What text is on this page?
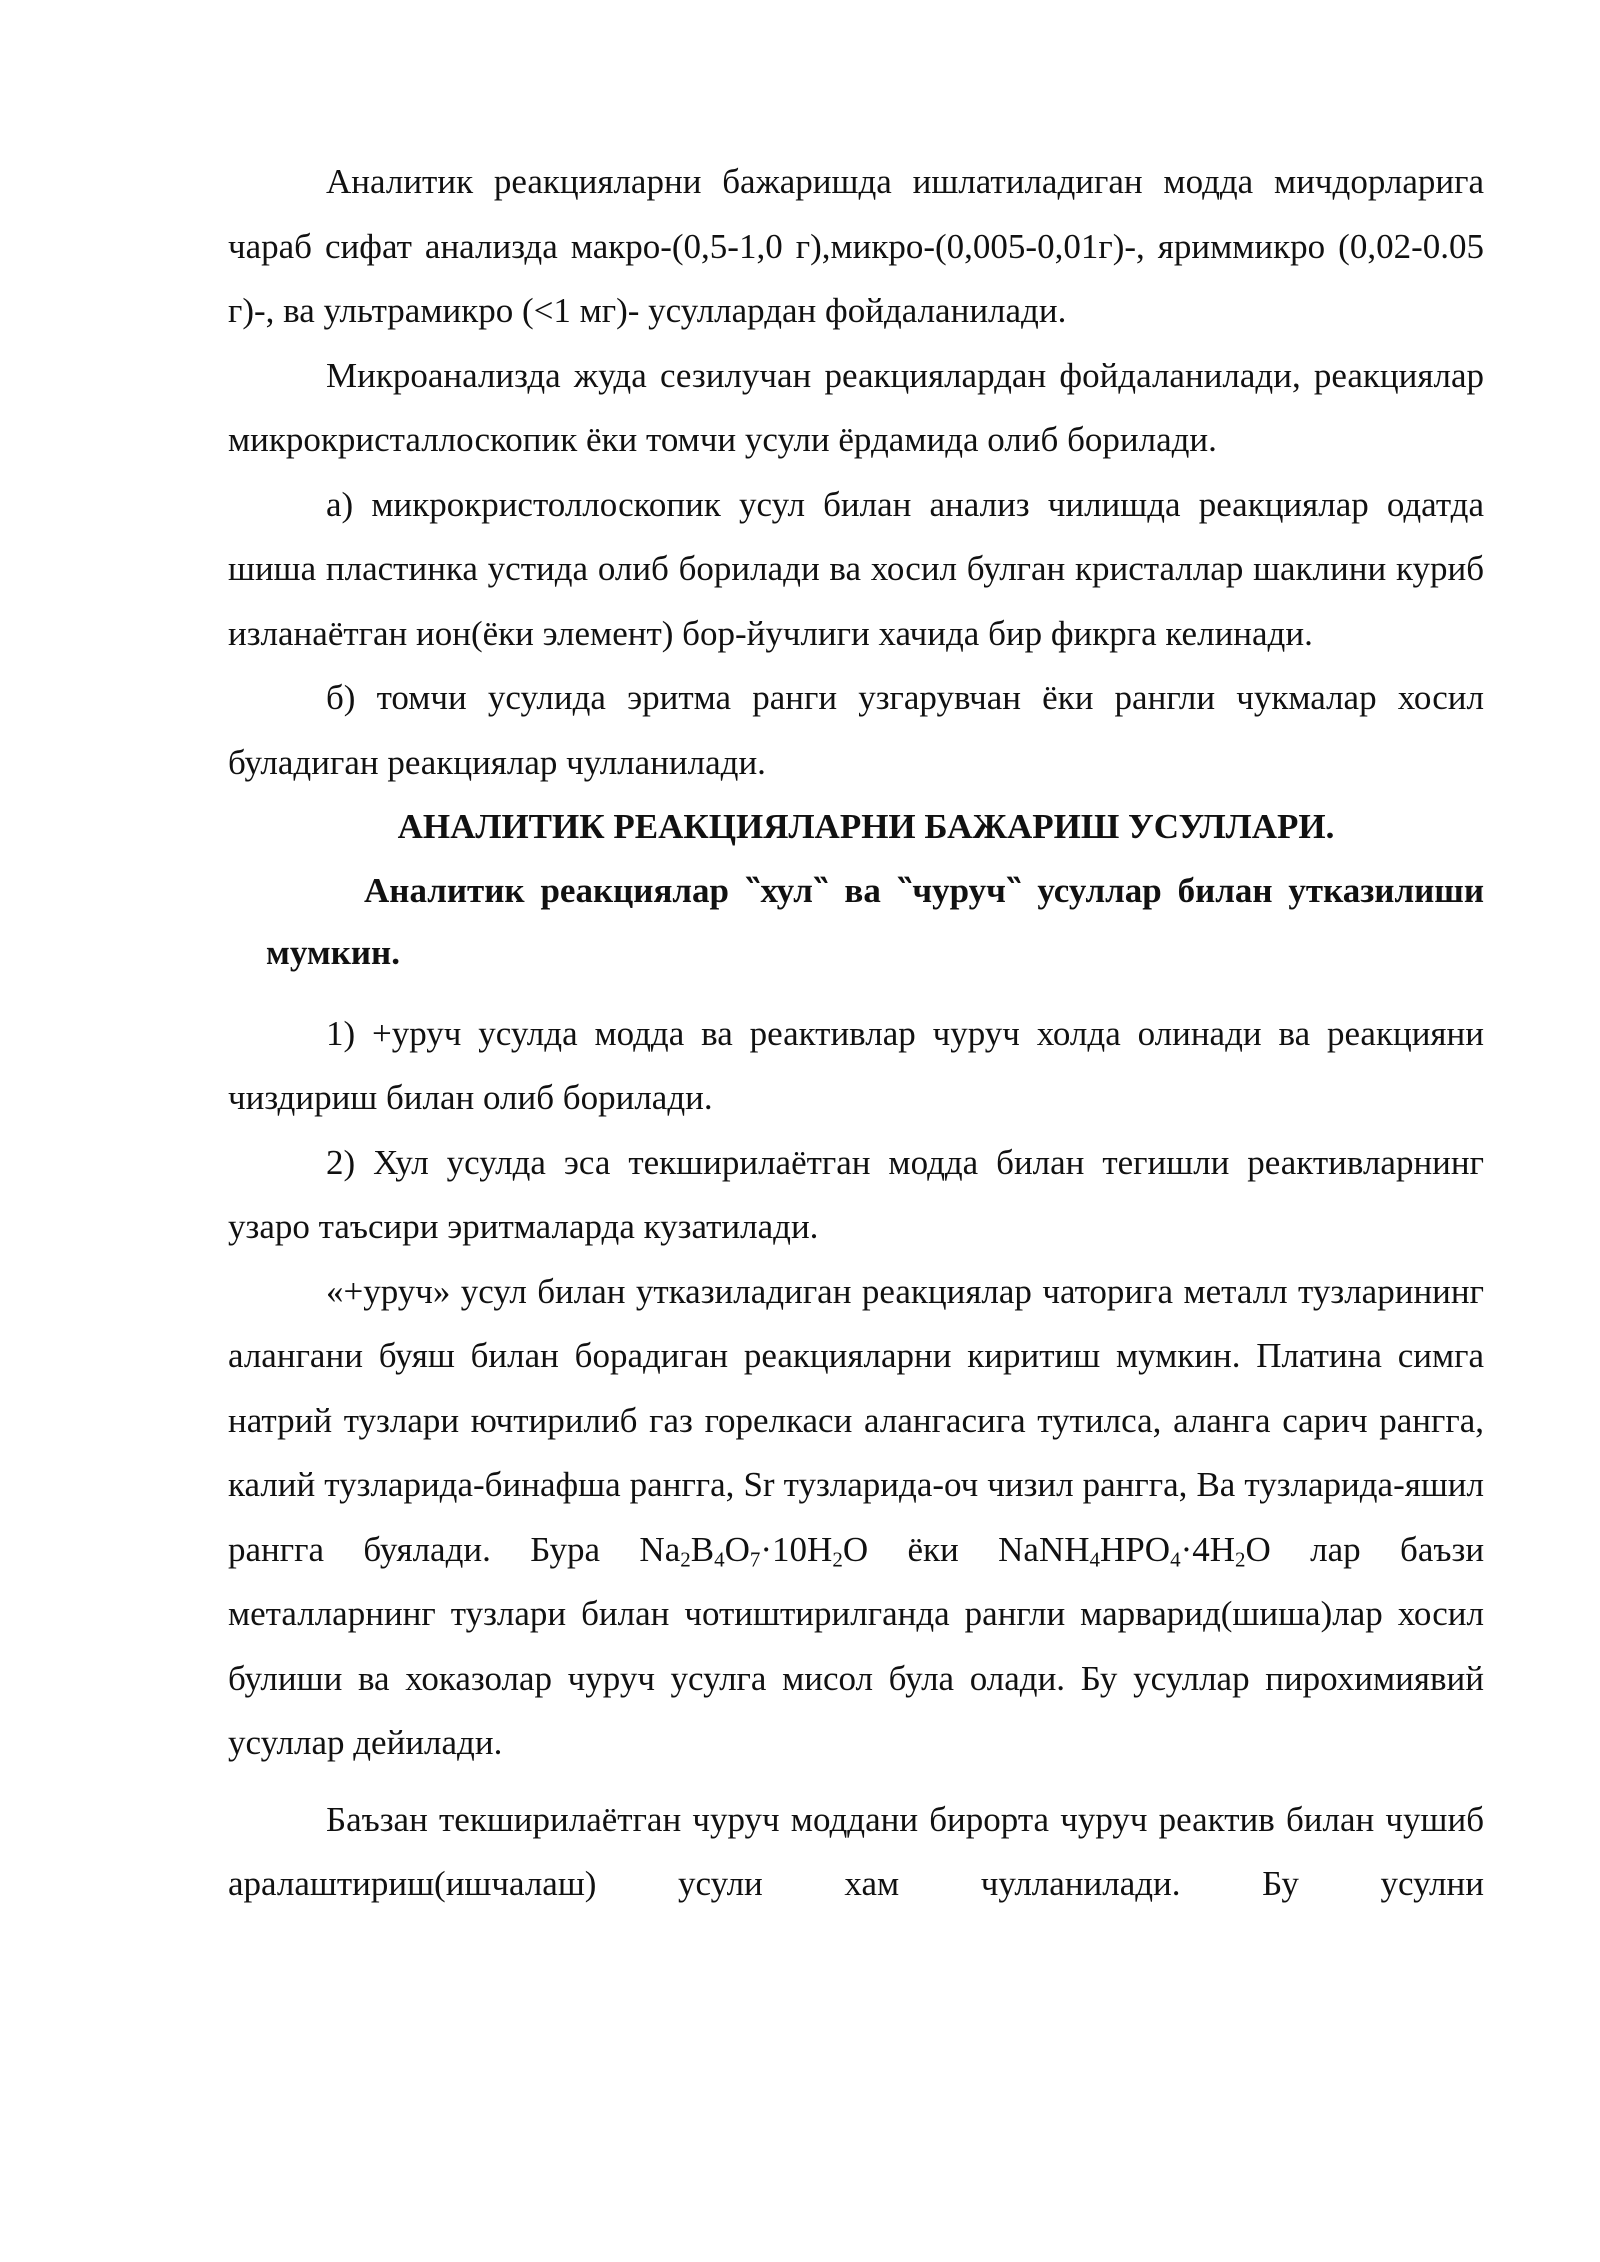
Аналитик реакцияларни бажаришда ишлатиладиган модда мичдорларига чараб сифат анализда макро-(0,5-1,0 г),микро-(0,005-0,01г)-, яриммикро (0,02-0.05 г)-, ва ультрамикро (<1 мг)- усуллардан фойдаланилади.

Микроанализда жуда сезилучан реакциялардан фойдаланилади, реакциялар микрокристаллоскопик ёки томчи усули ёрдамида олиб борилади.

а) микрокристоллоскопик усул билан анализ чилишда реакциялар одатда шиша пластинка устида олиб борилади ва хосил булган кристаллар шаклини куриб изланаётган ион(ёки элемент) бор-йучлиги хачида бир фикрга келинади.

б) томчи усулида эритма ранги узгарувчан ёки рангли чукмалар хосил буладиган реакциялар чулланилади.

АНАЛИТИК РЕАКЦИЯЛАРНИ БАЖАРИШ УСУЛЛАРИ.

Аналитик реакциялар ‶хул‶ ва ‶чуруч‶ усуллар билан утказилиши мумкин.

1) +уруч усулда модда ва реактивлар чуруч холда олинади ва реакцияни чиздириш билан олиб борилади.

2) Хул усулда эса текширилаётган модда билан тегишли реактивларнинг узаро таъсири эритмаларда кузатилади.

«+уруч» усул билан утказиладиган реакциялар чаторига металл тузларининг алангани буяш билан борадиган реакцияларни киритиш мумкин. Платина симга натрий тузлари ючтирилиб газ горелкаси алангасига тутилса, аланга сарич рангга, калий тузларида-бинафша рангга, Sr тузларида-оч чизил рангга, Ва тузларида-яшил рангга буялади. Бура $Na_2B_4O_7\cdot 10H_2O$ ёки $NaNH_4HPO_4\cdot 4H_2O$ лар баъзи металларнинг тузлари билан чотиштирилганда рангли марварид(шиша)лар хосил булиши ва хоказолар чуруч усулга мисол була олади. Бу усуллар пирохимиявий усуллар дейилади.

Баъзан текширилаётган чуруч моддани бирорта чуруч реактив билан чушиб аралаштириш(ишчалаш) усули хам чулланилади. Бу усулни
